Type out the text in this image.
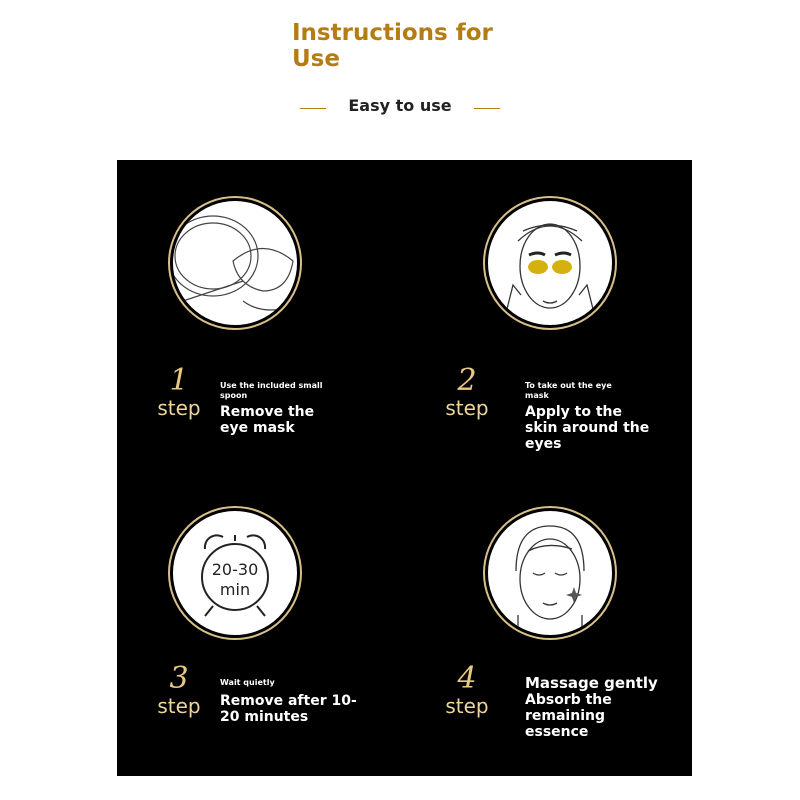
Instructions for Use
Easy to use
1
step
Use the included small spoon
Remove the eye mask
2
step
To take out the eye mask
Apply to the skin around the eyes
20-30
min
3
step
Wait quietly
Remove after 10-20 minutes
4
step
Massage gently
Absorb the remaining essence
